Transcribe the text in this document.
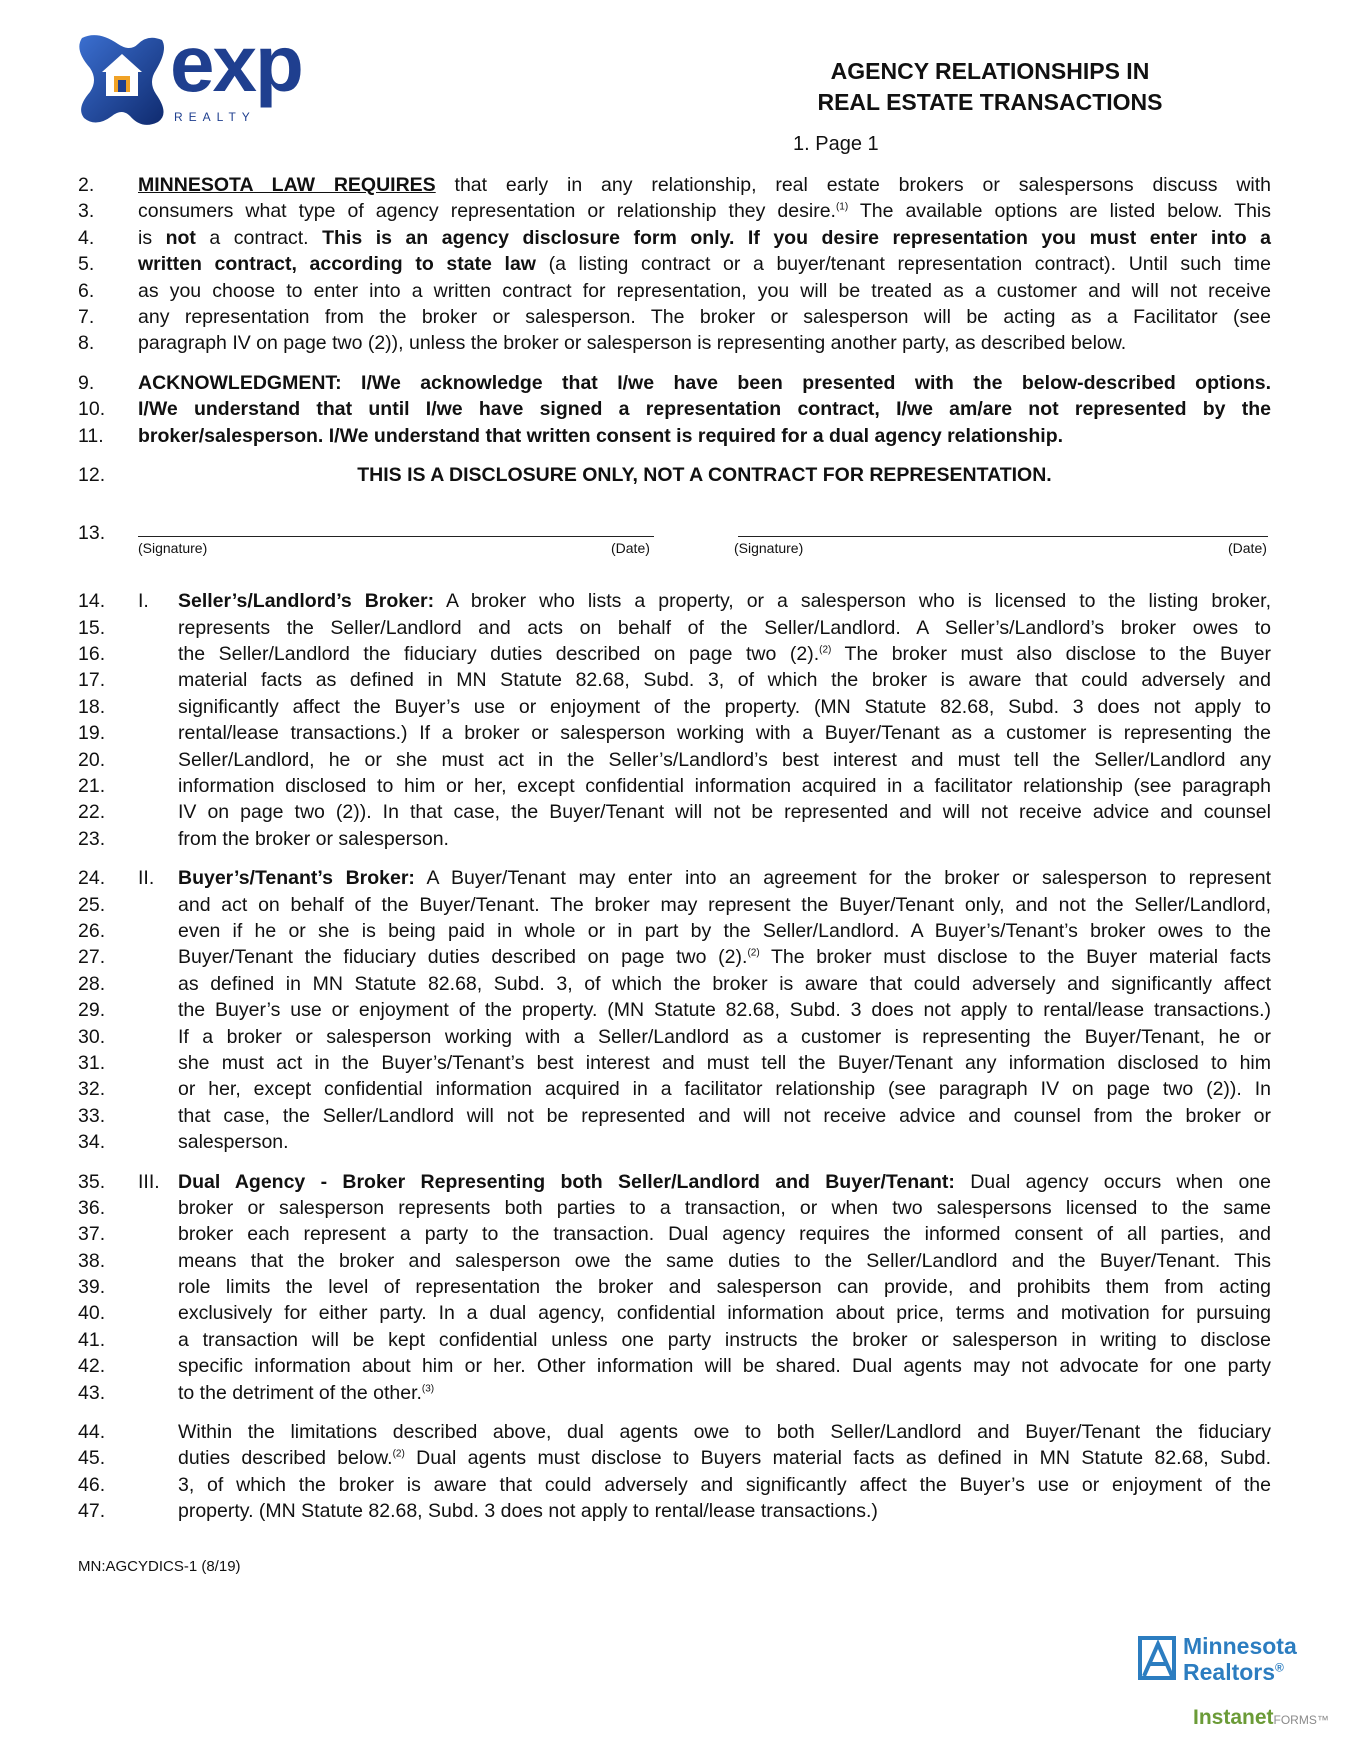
exp
REALTY
AGENCY RELATIONSHIPS IN
REAL ESTATE TRANSACTIONS
1. Page 1
2.	MINNESOTA LAW REQUIRES that early in any relationship, real estate brokers or salespersons discuss with
3.	consumers what type of agency representation or relationship they desire.$^{(1)}$ The available options are listed below. This
4.	is not a contract. This is an agency disclosure form only. If you desire representation you must enter into a
5.	written contract, according to state law (a listing contract or a buyer/tenant representation contract). Until such time
6.	as you choose to enter into a written contract for representation, you will be treated as a customer and will not receive
7.	any representation from the broker or salesperson. The broker or salesperson will be acting as a Facilitator (see
8.	paragraph IV on page two (2)), unless the broker or salesperson is representing another party, as described below.
9.	ACKNOWLEDGMENT: I/We acknowledge that I/we have been presented with the below-described options.
10.	I/We understand that until I/we have signed a representation contract, I/we am/are not represented by the
11.	broker/salesperson. I/We understand that written consent is required for a dual agency relationship.
12.	THIS IS A DISCLOSURE ONLY, NOT A CONTRACT FOR REPRESENTATION.
13.
(Signature)	(Date)	(Signature)	(Date)
14.	I. Seller’s/Landlord’s Broker: A broker who lists a property, or a salesperson who is licensed to the listing broker,
15.	represents the Seller/Landlord and acts on behalf of the Seller/Landlord. A Seller’s/Landlord’s broker owes to
16.	the Seller/Landlord the fiduciary duties described on page two (2).$^{(2)}$ The broker must also disclose to the Buyer
17.	material facts as defined in MN Statute 82.68, Subd. 3, of which the broker is aware that could adversely and
18.	significantly affect the Buyer’s use or enjoyment of the property. (MN Statute 82.68, Subd. 3 does not apply to
19.	rental/lease transactions.) If a broker or salesperson working with a Buyer/Tenant as a customer is representing the
20.	Seller/Landlord, he or she must act in the Seller’s/Landlord’s best interest and must tell the Seller/Landlord any
21.	information disclosed to him or her, except confidential information acquired in a facilitator relationship (see paragraph
22.	IV on page two (2)). In that case, the Buyer/Tenant will not be represented and will not receive advice and counsel
23.	from the broker or salesperson.
24.	II. Buyer’s/Tenant’s Broker: A Buyer/Tenant may enter into an agreement for the broker or salesperson to represent
25.	and act on behalf of the Buyer/Tenant. The broker may represent the Buyer/Tenant only, and not the Seller/Landlord,
26.	even if he or she is being paid in whole or in part by the Seller/Landlord. A Buyer’s/Tenant’s broker owes to the
27.	Buyer/Tenant the fiduciary duties described on page two (2).$^{(2)}$ The broker must disclose to the Buyer material facts
28.	as defined in MN Statute 82.68, Subd. 3, of which the broker is aware that could adversely and significantly affect
29.	the Buyer’s use or enjoyment of the property. (MN Statute 82.68, Subd. 3 does not apply to rental/lease transactions.)
30.	If a broker or salesperson working with a Seller/Landlord as a customer is representing the Buyer/Tenant, he or
31.	she must act in the Buyer’s/Tenant’s best interest and must tell the Buyer/Tenant any information disclosed to him
32.	or her, except confidential information acquired in a facilitator relationship (see paragraph IV on page two (2)). In
33.	that case, the Seller/Landlord will not be represented and will not receive advice and counsel from the broker or
34.	salesperson.
35.	III. Dual Agency - Broker Representing both Seller/Landlord and Buyer/Tenant: Dual agency occurs when one
36.	broker or salesperson represents both parties to a transaction, or when two salespersons licensed to the same
37.	broker each represent a party to the transaction. Dual agency requires the informed consent of all parties, and
38.	means that the broker and salesperson owe the same duties to the Seller/Landlord and the Buyer/Tenant. This
39.	role limits the level of representation the broker and salesperson can provide, and prohibits them from acting
40.	exclusively for either party. In a dual agency, confidential information about price, terms and motivation for pursuing
41.	a transaction will be kept confidential unless one party instructs the broker or salesperson in writing to disclose
42.	specific information about him or her. Other information will be shared. Dual agents may not advocate for one party
43.	to the detriment of the other.$^{(3)}$
44.	Within the limitations described above, dual agents owe to both Seller/Landlord and Buyer/Tenant the fiduciary
45.	duties described below.$^{(2)}$ Dual agents must disclose to Buyers material facts as defined in MN Statute 82.68, Subd.
46.	3, of which the broker is aware that could adversely and significantly affect the Buyer’s use or enjoyment of the
47.	property. (MN Statute 82.68, Subd. 3 does not apply to rental/lease transactions.)
MN:AGCYDICS-1 (8/19)
Minnesota
Realtors®
InstanetFORMS™
